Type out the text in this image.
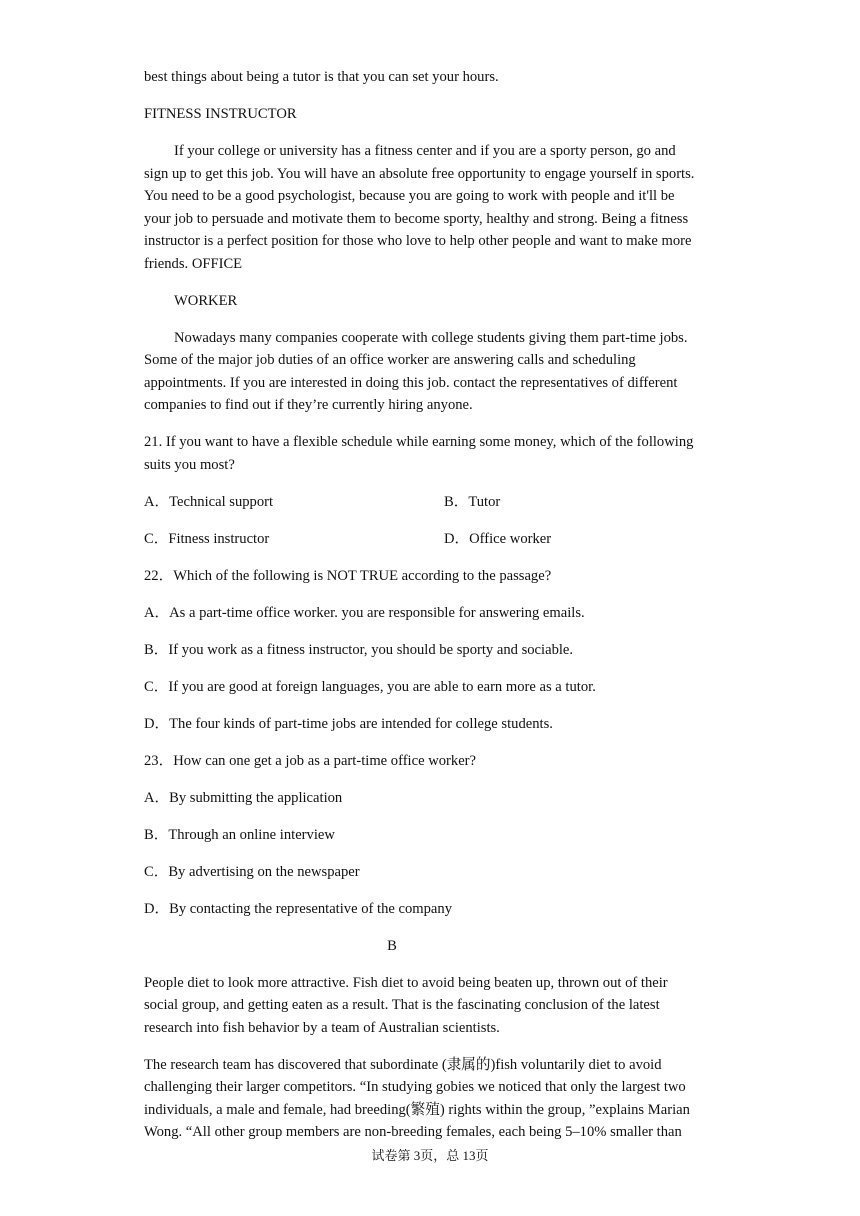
best things about being a tutor is that you can set your hours.
FITNESS INSTRUCTOR
If your college or university has a fitness center and if you are a sporty person, go and
sign up to get this job. You will have an absolute free opportunity to engage yourself in sports.
You need to be a good psychologist, because you are going to work with people and it'll be
your job to persuade and motivate them to become sporty, healthy and strong. Being a fitness
instructor is a perfect position for those who love to help other people and want to make more
friends. OFFICE
WORKER
Nowadays many companies cooperate with college students giving them part-time jobs.
Some of the major job duties of an office worker are answering calls and scheduling
appointments. If you are interested in doing this job. contact the representatives of different
companies to find out if they’re currently hiring anyone.
21. If you want to have a flexible schedule while earning some money, which of the following
suits you most?
A．Technical support	B．Tutor
C．Fitness instructor	D．Office worker
22．Which of the following is NOT TRUE according to the passage?
A．As a part-time office worker. you are responsible for answering emails.
B．If you work as a fitness instructor, you should be sporty and sociable.
C．If you are good at foreign languages, you are able to earn more as a tutor.
D．The four kinds of part-time jobs are intended for college students.
23．How can one get a job as a part-time office worker?
A．By submitting the application
B．Through an online interview
C．By advertising on the newspaper
D．By contacting the representative of the company
B
People diet to look more attractive. Fish diet to avoid being beaten up, thrown out of their
social group, and getting eaten as a result. That is the fascinating conclusion of the latest
research into fish behavior by a team of Australian scientists.
The research team has discovered that subordinate (隶属的)fish voluntarily diet to avoid
challenging their larger competitors. “In studying gobies we noticed that only the largest two
individuals, a male and female, had breeding(繁殖) rights within the group, ”explains Marian
Wong. “All other group members are non-breeding females, each being 5–10% smaller than
试卷第 3页，总 13页
